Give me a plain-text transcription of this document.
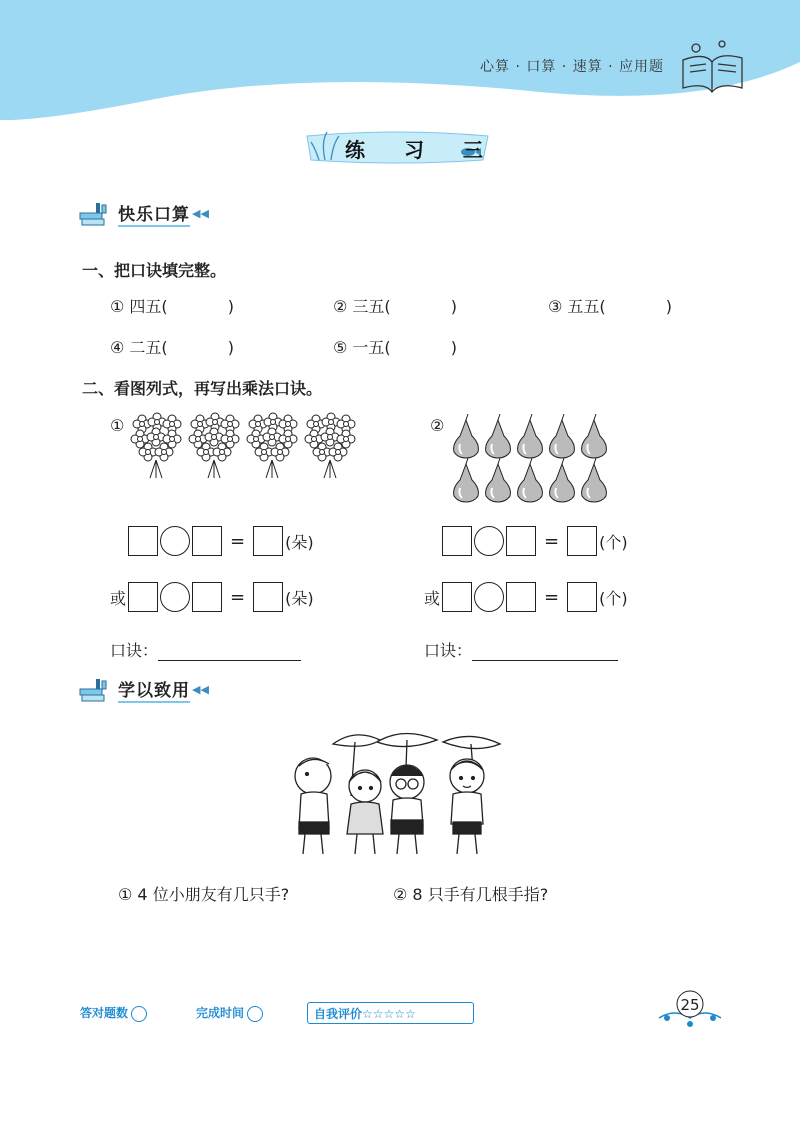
心算 · 口算 · 速算 · 应用题
练 习 三
快乐口算 ◀◀
一、把口诀填完整。
① 四五(	)	② 三五(	)	③ 五五(	)
④ 二五(	)	⑤ 一五(	)
二、看图列式，再写出乘法口诀。
①	②
=	(朵)	=	(个)
或	=	(朵)	或	=	(个)
口诀：	口诀：
学以致用 ◀◀
① 4 位小朋友有几只手?	② 8 只手有几根手指?
答对题数	完成时间	自我评价☆☆☆☆☆	25
